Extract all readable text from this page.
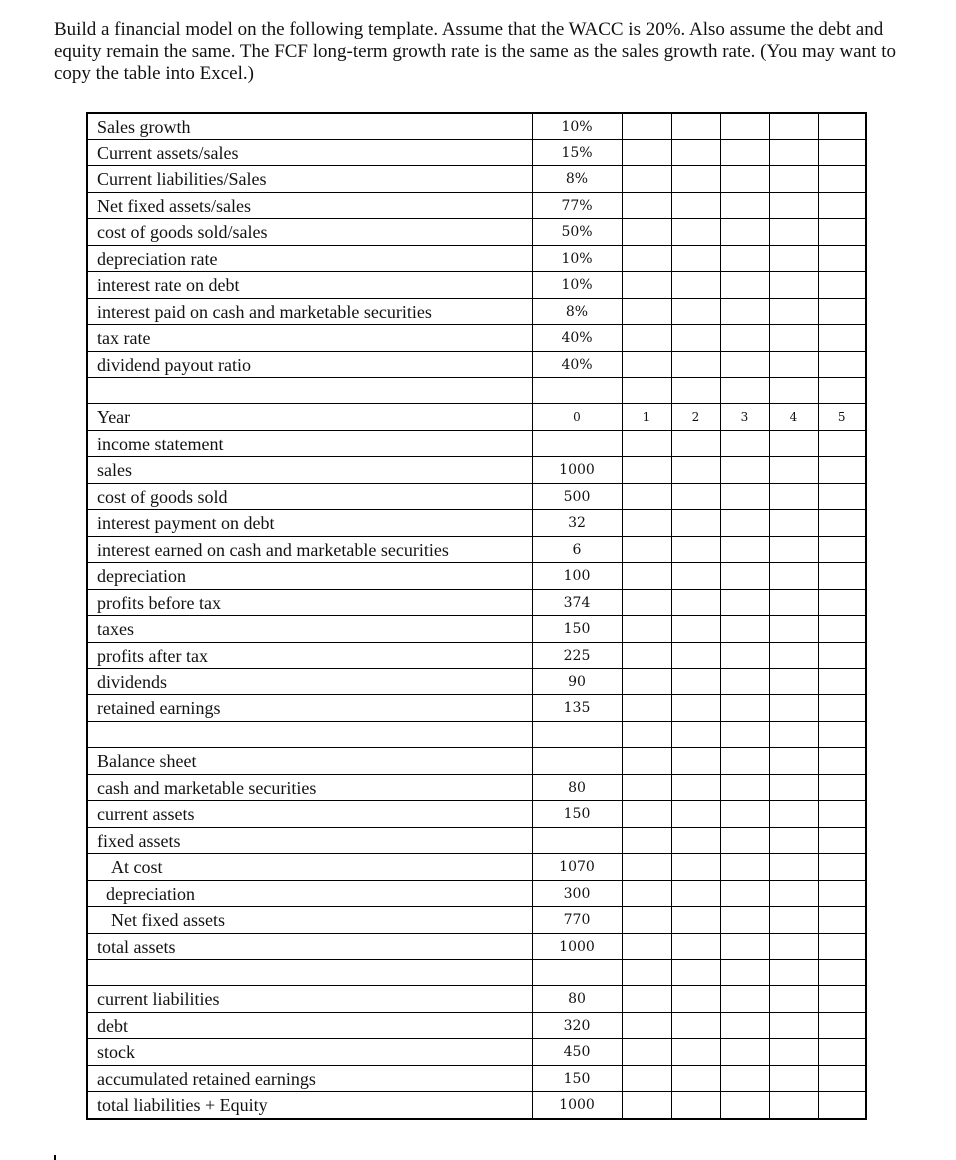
Build a financial model on the following template. Assume that the WACC is 20%. Also assume the debt and equity remain the same. The FCF long-term growth rate is the same as the sales growth rate. (You may want to copy the table into Excel.)

Sales growth	10%					
Current assets/sales	15%					
Current liabilities/Sales	8%					
Net fixed assets/sales	77%					
cost of goods sold/sales	50%					
depreciation rate	10%					
interest rate on debt	10%					
interest paid on cash and marketable securities	8%					
tax rate	40%					
dividend payout ratio	40%					

Year	0	1	2	3	4	5
income statement						
sales	1000					
cost of goods sold	500					
interest payment on debt	32					
interest earned on cash and marketable securities	6					
depreciation	100					
profits before tax	374					
taxes	150					
profits after tax	225					
dividends	90					
retained earnings	135					

Balance sheet						
cash and marketable securities	80					
current assets	150					
fixed assets						
At cost	1070					
depreciation	300					
Net fixed assets	770					
total assets	1000					

current liabilities	80					
debt	320					
stock	450					
accumulated retained earnings	150					
total liabilities + Equity	1000					
